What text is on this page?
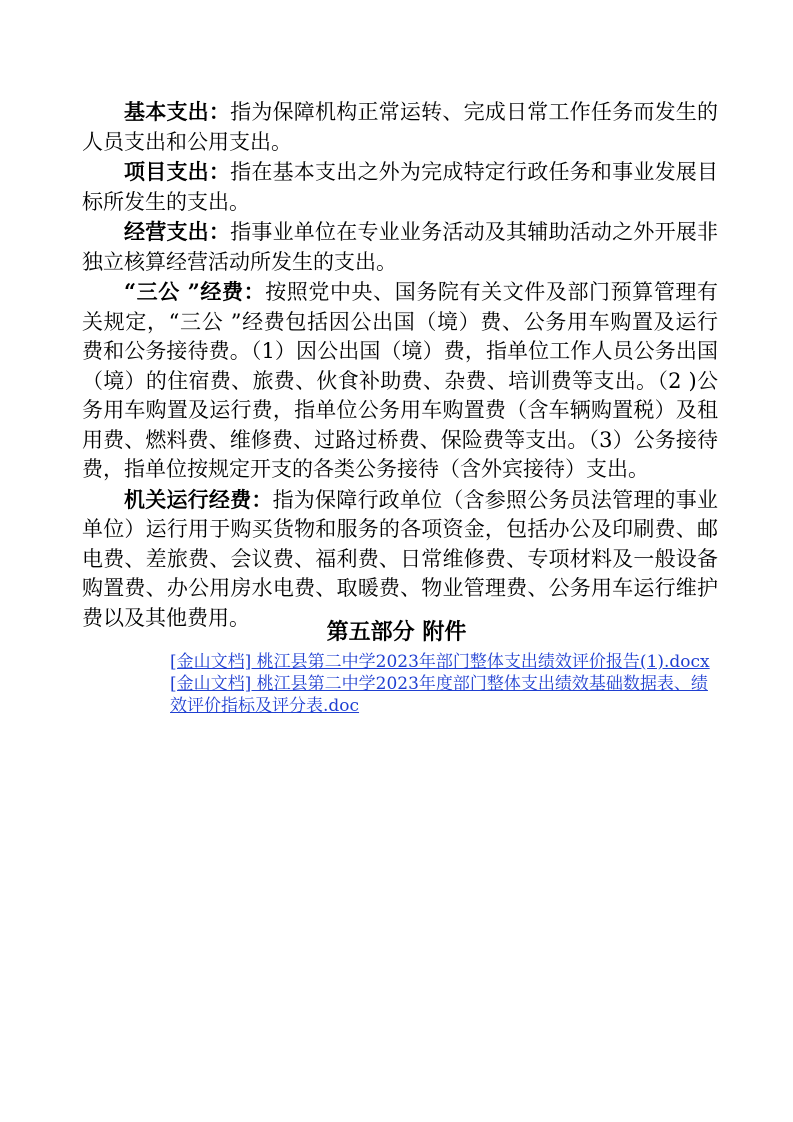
基本支出：指为保障机构正常运转、完成日常工作任务而发生的人员支出和公用支出。

项目支出：指在基本支出之外为完成特定行政任务和事业发展目标所发生的支出。

经营支出：指事业单位在专业业务活动及其辅助活动之外开展非独立核算经营活动所发生的支出。

“三公 ”经费：按照党中央、国务院有关文件及部门预算管理有关规定，“三公 ”经费包括因公出国（境）费、公务用车购置及运行费和公务接待费。（1）因公出国（境）费，指单位工作人员公务出国（境）的住宿费、旅费、伙食补助费、杂费、培训费等支出。（2 )公务用车购置及运行费，指单位公务用车购置费（含车辆购置税）及租用费、燃料费、维修费、过路过桥费、保险费等支出。（3）公务接待费，指单位按规定开支的各类公务接待（含外宾接待）支出。

机关运行经费：指为保障行政单位（含参照公务员法管理的事业单位）运行用于购买货物和服务的各项资金，包括办公及印刷费、邮电费、差旅费、会议费、福利费、日常维修费、专项材料及一般设备购置费、办公用房水电费、取暖费、物业管理费、公务用车运行维护费以及其他费用。

第五部分 附件
[金山文档] 桃江县第二中学2023年部门整体支出绩效评价报告(1).docx
[金山文档] 桃江县第二中学2023年度部门整体支出绩效基础数据表、绩效评价指标及评分表.doc
